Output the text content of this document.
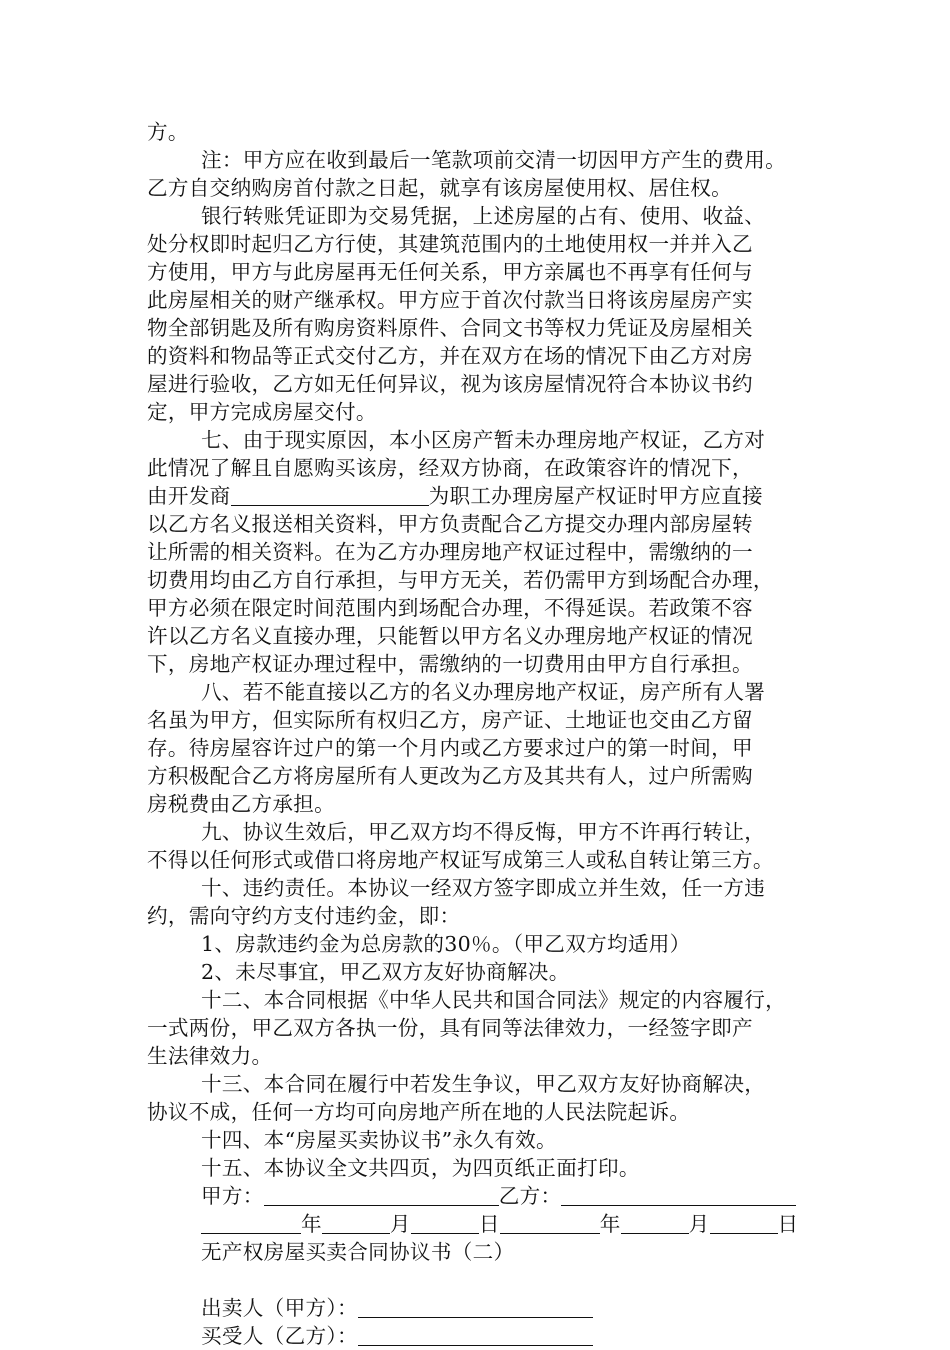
方。
注：甲方应在收到最后一笔款项前交清一切因甲方产生的费用。
乙方自交纳购房首付款之日起，就享有该房屋使用权、居住权。
银行转账凭证即为交易凭据，上述房屋的占有、使用、收益、
处分权即时起归乙方行使，其建筑范围内的土地使用权一并并入乙
方使用，甲方与此房屋再无任何关系，甲方亲属也不再享有任何与
此房屋相关的财产继承权。甲方应于首次付款当日将该房屋房产实
物全部钥匙及所有购房资料原件、合同文书等权力凭证及房屋相关
的资料和物品等正式交付乙方，并在双方在场的情况下由乙方对房
屋进行验收，乙方如无任何异议，视为该房屋情况符合本协议书约
定，甲方完成房屋交付。
七、由于现实原因，本小区房产暂未办理房地产权证，乙方对
此情况了解且自愿购买该房，经双方协商，在政策容许的情况下，
由开发商	为职工办理房屋产权证时甲方应直接
以乙方名义报送相关资料，甲方负责配合乙方提交办理内部房屋转
让所需的相关资料。在为乙方办理房地产权证过程中，需缴纳的一
切费用均由乙方自行承担，与甲方无关，若仍需甲方到场配合办理，
甲方必须在限定时间范围内到场配合办理，不得延误。若政策不容
许以乙方名义直接办理，只能暂以甲方名义办理房地产权证的情况
下，房地产权证办理过程中，需缴纳的一切费用由甲方自行承担。
八、若不能直接以乙方的名义办理房地产权证，房产所有人署
名虽为甲方，但实际所有权归乙方，房产证、土地证也交由乙方留
存。待房屋容许过户的第一个月内或乙方要求过户的第一时间，甲
方积极配合乙方将房屋所有人更改为乙方及其共有人，过户所需购
房税费由乙方承担。
九、协议生效后，甲乙双方均不得反悔，甲方不许再行转让，
不得以任何形式或借口将房地产权证写成第三人或私自转让第三方。
十、违约责任。本协议一经双方签字即成立并生效，任一方违
约，需向守约方支付违约金，即：
1、房款违约金为总房款的30％。（甲乙双方均适用）
2、未尽事宜，甲乙双方友好协商解决。
十二、本合同根据《中华人民共和国合同法》规定的内容履行，
一式两份，甲乙双方各执一份，具有同等法律效力，一经签字即产
生法律效力。
十三、本合同在履行中若发生争议，甲乙双方友好协商解决，
协议不成，任何一方均可向房地产所在地的人民法院起诉。
十四、本“房屋买卖协议书”永久有效。
十五、本协议全文共四页，为四页纸正面打印。
甲方：	乙方：
年	月	日	年	月	日
无产权房屋买卖合同协议书（二）
出卖人（甲方）：
买受人（乙方）：
